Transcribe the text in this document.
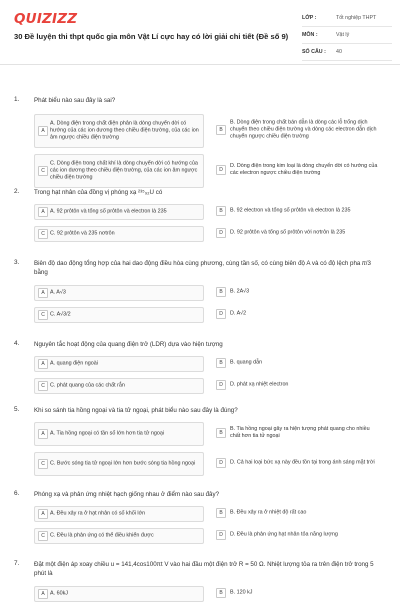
QUIZIZZ
30 Đề luyện thi thpt quốc gia môn Vật Lí cực hay có lời giải chi tiết (Đề số 9)
LỚP :	Tốt nghiệp THPT
MÔN :	Vật lý
SỐ CÂU :	40
1. Phát biểu nào sau đây là sai?
A
A. Dòng điện trong chất điện phân là dòng chuyển dời có hướng của các ion dương theo chiều điện trường, của các ion âm ngược chiều điện trường
B
B. Dòng điện trong chất bán dẫn là dòng các lỗ trống dịch chuyển theo chiều điện trường và dòng các electron dẫn dịch chuyển ngược chiều điện trường
C
C. Dòng điện trong chất khí là dòng chuyển dời có hướng của các ion dương theo chiều điện trường, của các ion âm ngược chiều điện trường
D
D. Dòng điện trong kim loại là dòng chuyển dời có hướng của các electron ngược chiều điện trường
2. Trong hạt nhân của đồng vị phóng xạ ²³⁵₉₂U có
A A. 92 prôtôn và tổng số prôtôn và electron là 235	B	B. 92 electron và tổng số prôtôn và electron là 235
C C. 92 prôtôn và 235 nơtrôn	D	D. 92 prôtôn và tổng số prôtôn với nơtrôn là 235
3. Biên độ dao động tổng hợp của hai dao động điều hòa cùng phương, cùng tần số, có cùng biên độ A và có độ lệch pha 𝜋/3 bằng
A A. A√3	B	B. 2A√3
C C. A√3/2	D	D. A√2
4. Nguyên tắc hoạt động của quang điện trở (LDR) dựa vào hiện tượng
A A. quang điện ngoài	B	B. quang dẫn
C C. phát quang của các chất rắn	D	D. phát xạ nhiệt electron
5. Khi so sánh tia hồng ngoại và tia tử ngoại, phát biểu nào sau đây là đúng?
A A. Tia hồng ngoại có tần số lớn hơn tia tử ngoại	B
B. Tia hồng ngoại gây ra hiện tượng phát quang cho nhiều chất hơn tia tử ngoại
C C. Bước sóng tia tử ngoại lớn hơn bước sóng tia hồng ngoại	D	D. Cả hai loại bức xạ này đều tồn tại trong ánh sáng mặt trời
6. Phóng xạ và phản ứng nhiệt hạch giống nhau ở điểm nào sau đây?
A A. Đều xảy ra ở hạt nhân có số khối lớn	B	B. Đều xảy ra ở nhiệt độ rất cao
C C. Đều là phản ứng có thể điều khiển được	D	D. Đều là phản ứng hạt nhân tỏa năng lượng
7. Đặt một điện áp xoay chiều u = 141,4cos100πt V vào hai đầu một điện trở R = 50 Ω. Nhiệt lượng tỏa ra trên điện trở trong 5 phút là
A A. 60kJ	B	B. 120 kJ
